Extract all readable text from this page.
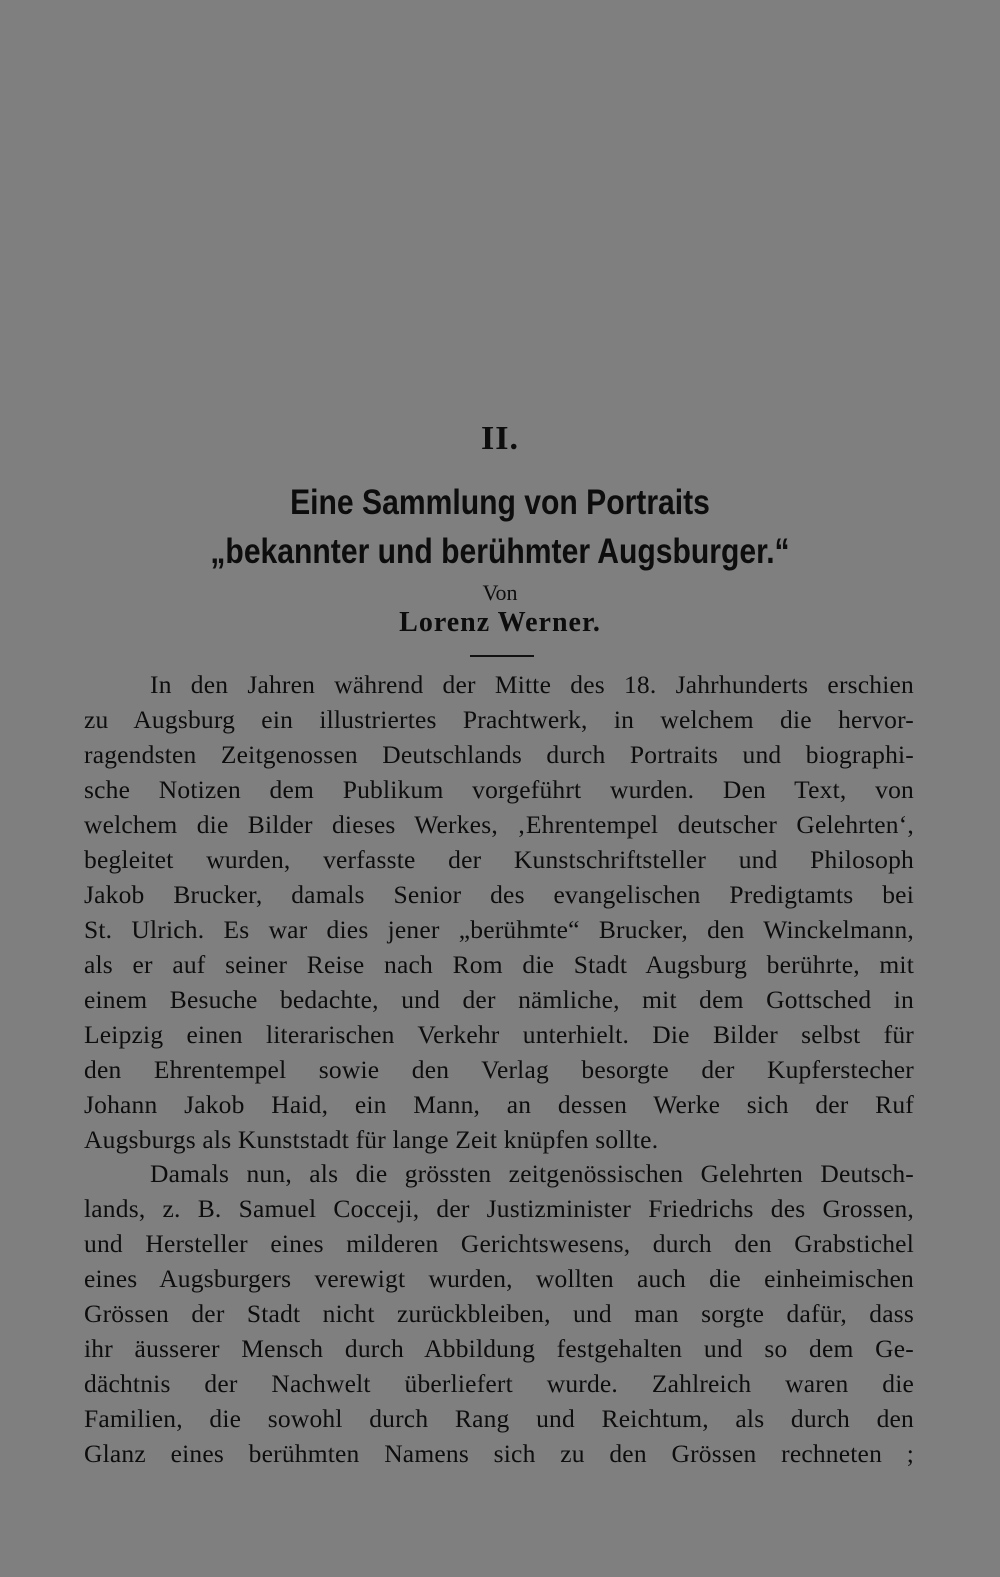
II.
Eine Sammlung von Portraits
„bekannter und berühmter Augsburger.“
Von
Lorenz Werner.
In den Jahren während der Mitte des 18. Jahrhunderts erschien
zu Augsburg ein illustriertes Prachtwerk, in welchem die hervor-
ragendsten Zeitgenossen Deutschlands durch Portraits und biographi-
sche Notizen dem Publikum vorgeführt wurden. Den Text, von
welchem die Bilder dieses Werkes, ‚Ehrentempel deutscher Gelehrten‘,
begleitet wurden, verfasste der Kunstschriftsteller und Philosoph
Jakob Brucker, damals Senior des evangelischen Predigtamts bei
St. Ulrich. Es war dies jener „berühmte“ Brucker, den Winckelmann,
als er auf seiner Reise nach Rom die Stadt Augsburg berührte, mit
einem Besuche bedachte, und der nämliche, mit dem Gottsched in
Leipzig einen literarischen Verkehr unterhielt. Die Bilder selbst für
den Ehrentempel sowie den Verlag besorgte der Kupferstecher
Johann Jakob Haid, ein Mann, an dessen Werke sich der Ruf
Augsburgs als Kunststadt für lange Zeit knüpfen sollte.
Damals nun, als die grössten zeitgenössischen Gelehrten Deutsch-
lands, z. B. Samuel Cocceji, der Justizminister Friedrichs des Grossen,
und Hersteller eines milderen Gerichtswesens, durch den Grabstichel
eines Augsburgers verewigt wurden, wollten auch die einheimischen
Grössen der Stadt nicht zurückbleiben, und man sorgte dafür, dass
ihr äusserer Mensch durch Abbildung festgehalten und so dem Ge-
dächtnis der Nachwelt überliefert wurde. Zahlreich waren die
Familien, die sowohl durch Rang und Reichtum, als durch den
Glanz eines berühmten Namens sich zu den Grössen rechneten ;
